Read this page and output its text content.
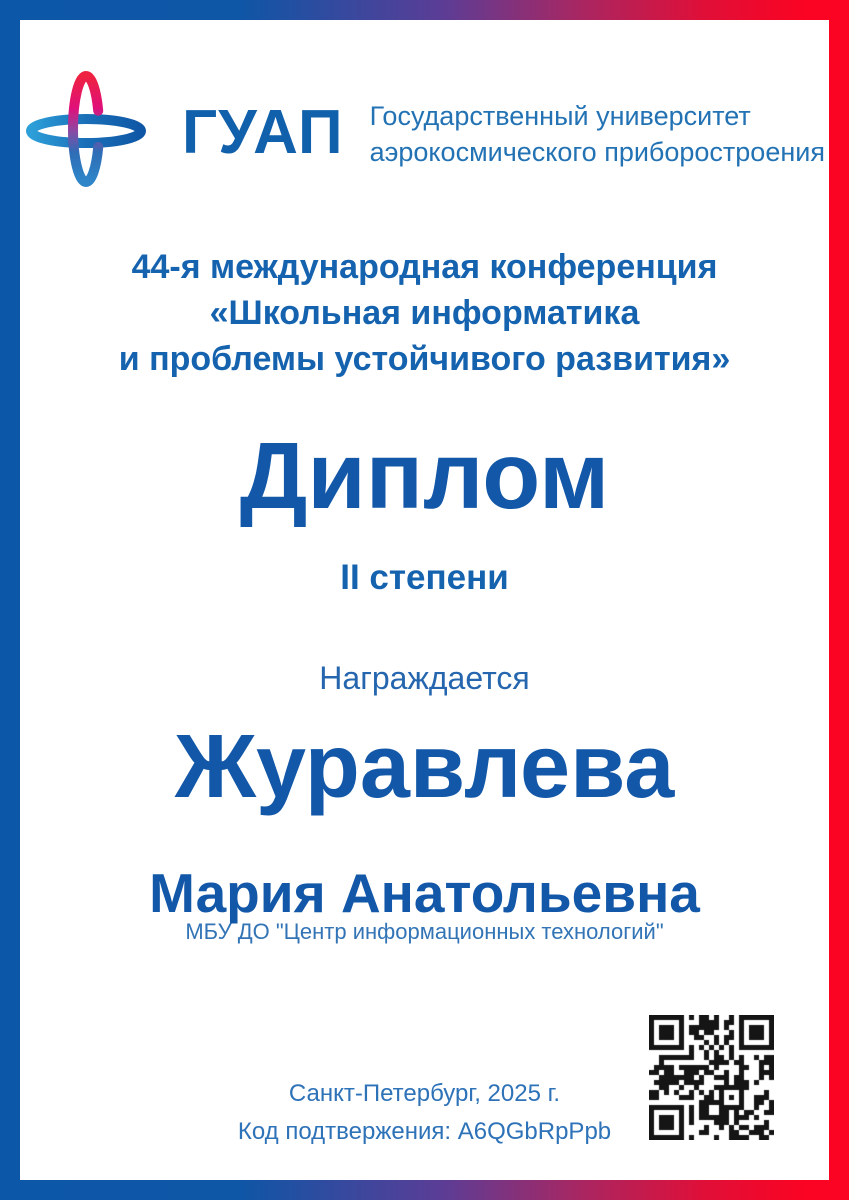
ГУАП Государственный университет
аэрокосмического приборостроения
44-я международная конференция
«Школьная информатика
и проблемы устойчивого развития»
Диплом
II степени
Награждается
Журавлева
Мария Анатольевна
МБУ ДО "Центр информационных технологий"
Санкт-Петербург, 2025 г.
Код подтвержения: A6QGbRpPpb
